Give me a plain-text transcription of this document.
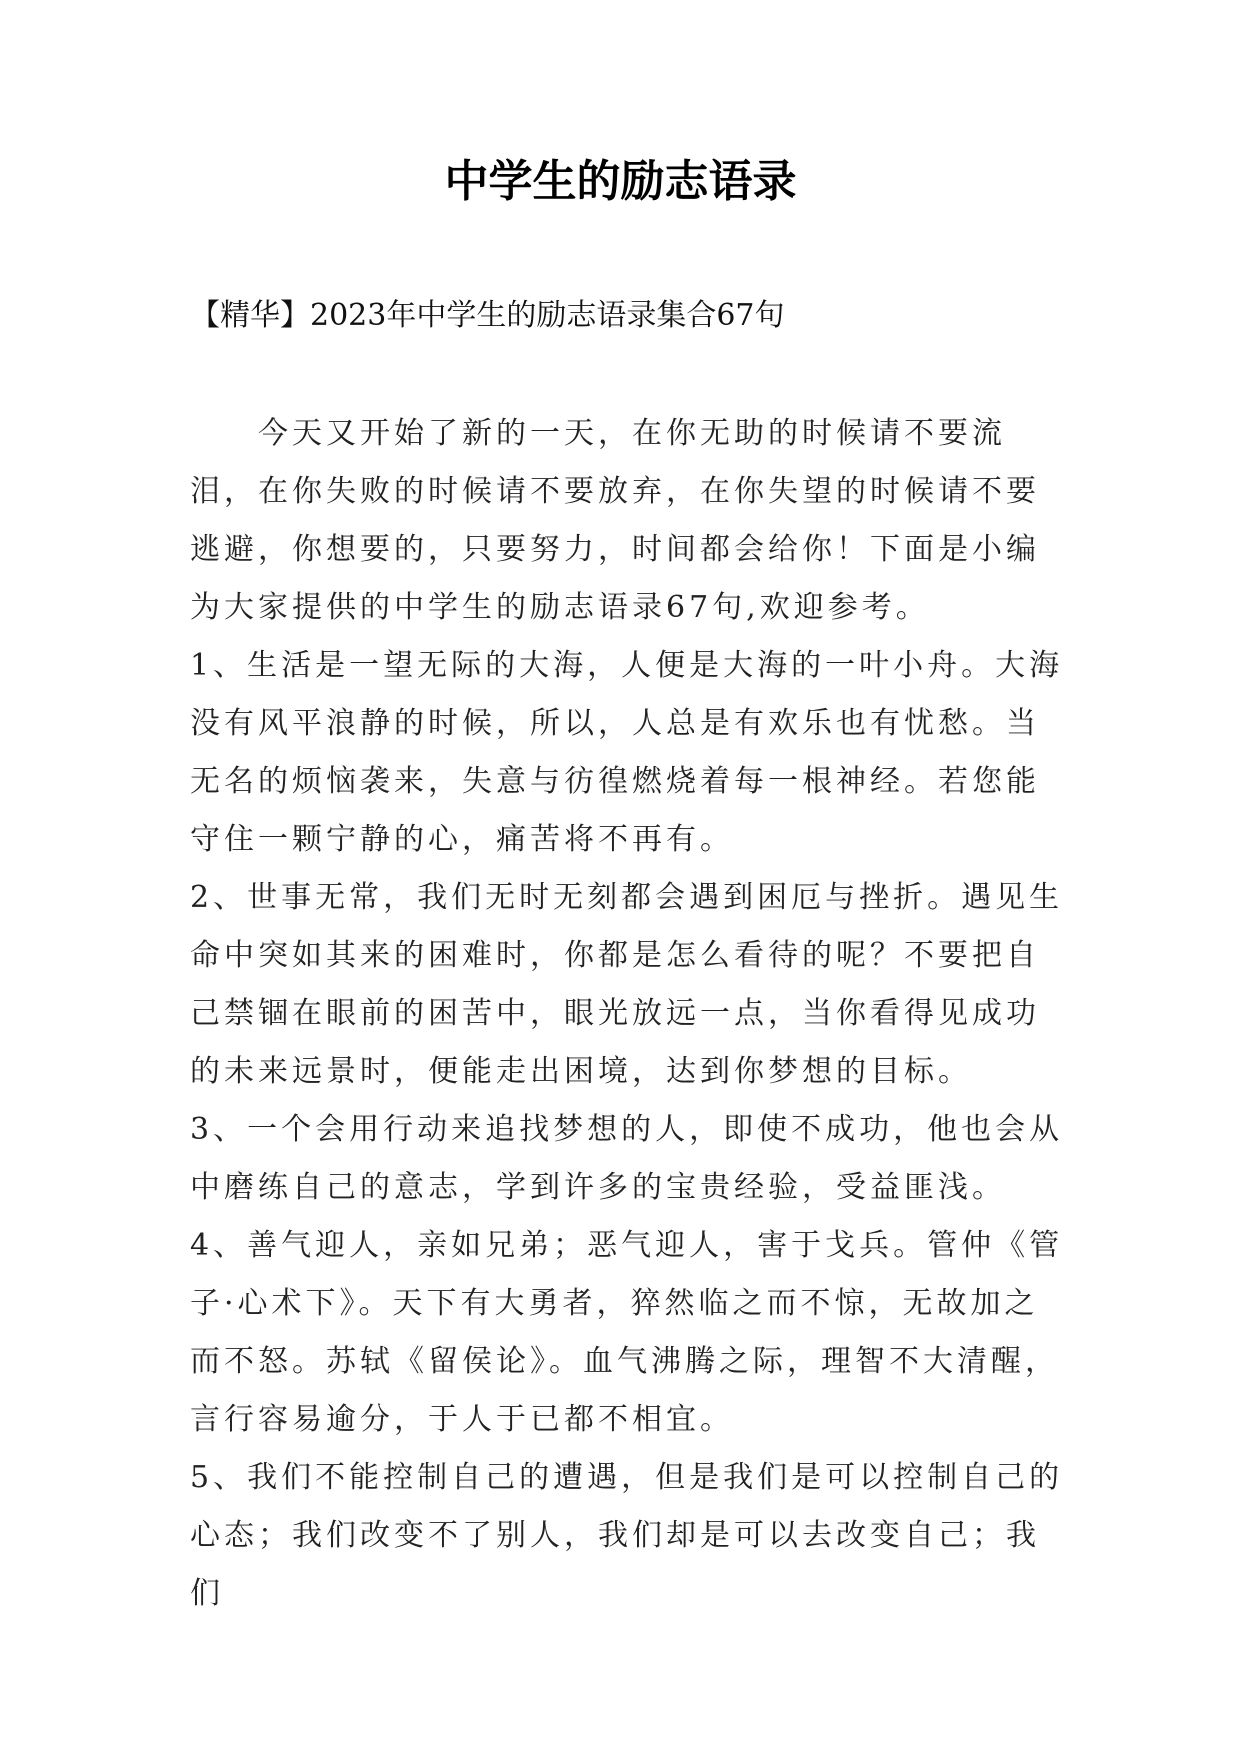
中学生的励志语录

【精华】2023年中学生的励志语录集合67句

今天又开始了新的一天，在你无助的时候请不要流泪，在你失败的时候请不要放弃，在你失望的时候请不要逃避，你想要的，只要努力，时间都会给你！下面是小编为大家提供的中学生的励志语录67句,欢迎参考。

1、生活是一望无际的大海，人便是大海的一叶小舟。大海没有风平浪静的时候，所以，人总是有欢乐也有忧愁。当无名的烦恼袭来，失意与彷徨燃烧着每一根神经。若您能守住一颗宁静的心，痛苦将不再有。

2、世事无常，我们无时无刻都会遇到困厄与挫折。遇见生命中突如其来的困难时，你都是怎么看待的呢？不要把自己禁锢在眼前的困苦中，眼光放远一点，当你看得见成功的未来远景时，便能走出困境，达到你梦想的目标。

3、一个会用行动来追找梦想的人，即使不成功，他也会从中磨练自己的意志，学到许多的宝贵经验，受益匪浅。

4、善气迎人，亲如兄弟；恶气迎人，害于戈兵。管仲《管子·心术下》。天下有大勇者，猝然临之而不惊，无故加之而不怒。苏轼《留侯论》。血气沸腾之际，理智不大清醒，言行容易逾分，于人于已都不相宜。

5、我们不能控制自己的遭遇，但是我们是可以控制自己的心态；我们改变不了别人，我们却是可以去改变自己；我们
